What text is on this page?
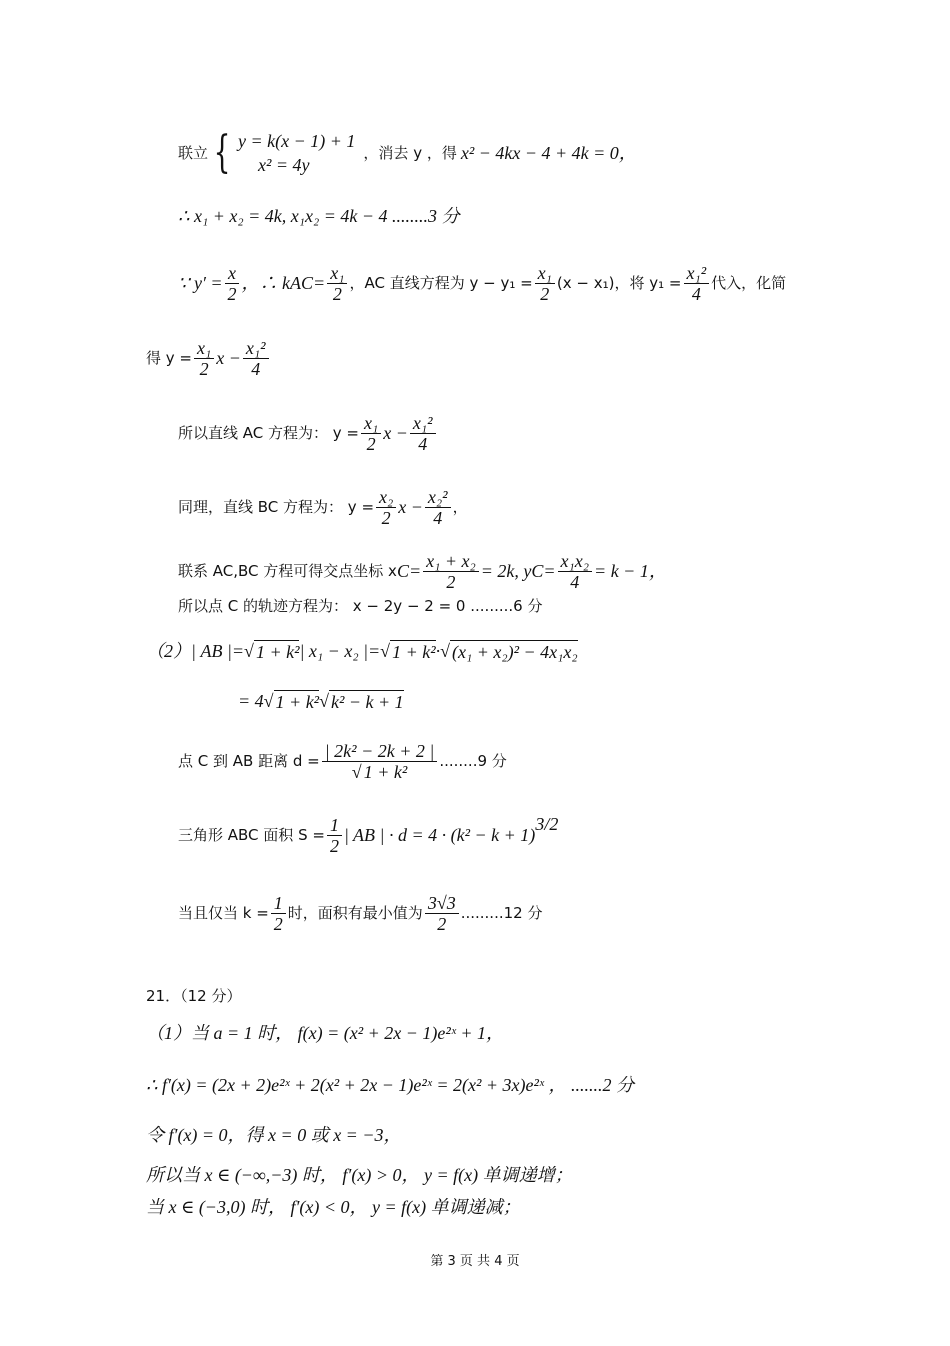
联立 { y = k(x − 1) + 1
x² = 4y
，消去 y ，得 x² − 4kx − 4 + 4k = 0，
∴ x₁ + x₂ = 4k, x₁x₂ = 4k − 4 ........3 分
∵ $y' = \frac{x}{2}$ ，∴ k AC = $\frac{\text{x₁}}{2}$ ，AC 直线方程为 $y - y_1 = \frac{\text{x₁}}{2} (x - x_1)$，将 $y_1 = \frac{\text{x₁²}}{4}$ 代入，化简
得 $y = \frac{\text{x₁}}{2}$ $x - \frac{\text{x₁²}}{4}$
所以直线 AC 方程为： $y = \frac{\text{x₁}}{2}$ $x - \frac{\text{x₁²}}{4}$
同理，直线 BC 方程为： $y = \frac{\text{x₂}}{2}$ $x - \frac{\text{x₂²}}{4}$ ，
联系 AC,BC 方程可得交点坐标 x $C = \frac{\text{x₁ + x₂}}{2} = 2k$, y $C = \frac{\text{x₁x₂}}{4} = k - 1$，
所以点 C 的轨迹方程为： x − 2y − 2 = 0 .........6 分
（2）| AB |= √ 1 + k² | x₁ − x₂ |= √ 1 + k² · √ (x₁ + x₂)² − 4x₁x₂
= 4 √ 1 + k² √ k² − k + 1
点 C 到 AB 距离 $d = \frac{\text{| 2k² − 2k + 2 |}}{\text{√ 1 + k²}} ........9$ 分
三角形 ABC 面积 $S = \frac{1}{2}$ | AB | · d = 4 · (k² − k + 1)
3/2
当且仅当 $k = \frac{1}{2}$ 时，面积有最小值为 $\frac{3√3}{2} .........12$ 分
21．（12 分）
（1）当 a = 1 时， f(x) = (x² + 2x − 1)e²ˣ + 1，
∴ f′(x) = (2x + 2)e²ˣ + 2(x² + 2x − 1)e²ˣ = 2(x² + 3x)e²ˣ ， .......2 分
令 f′(x) = 0，得 x = 0 或 x = −3，
所以当 x ∈ (−∞,−3) 时， f′(x) > 0， y = f(x) 单调递增；
当 x ∈ (−3,0) 时， f′(x) < 0， y = f(x) 单调递减；
第 3 页 共 4 页
